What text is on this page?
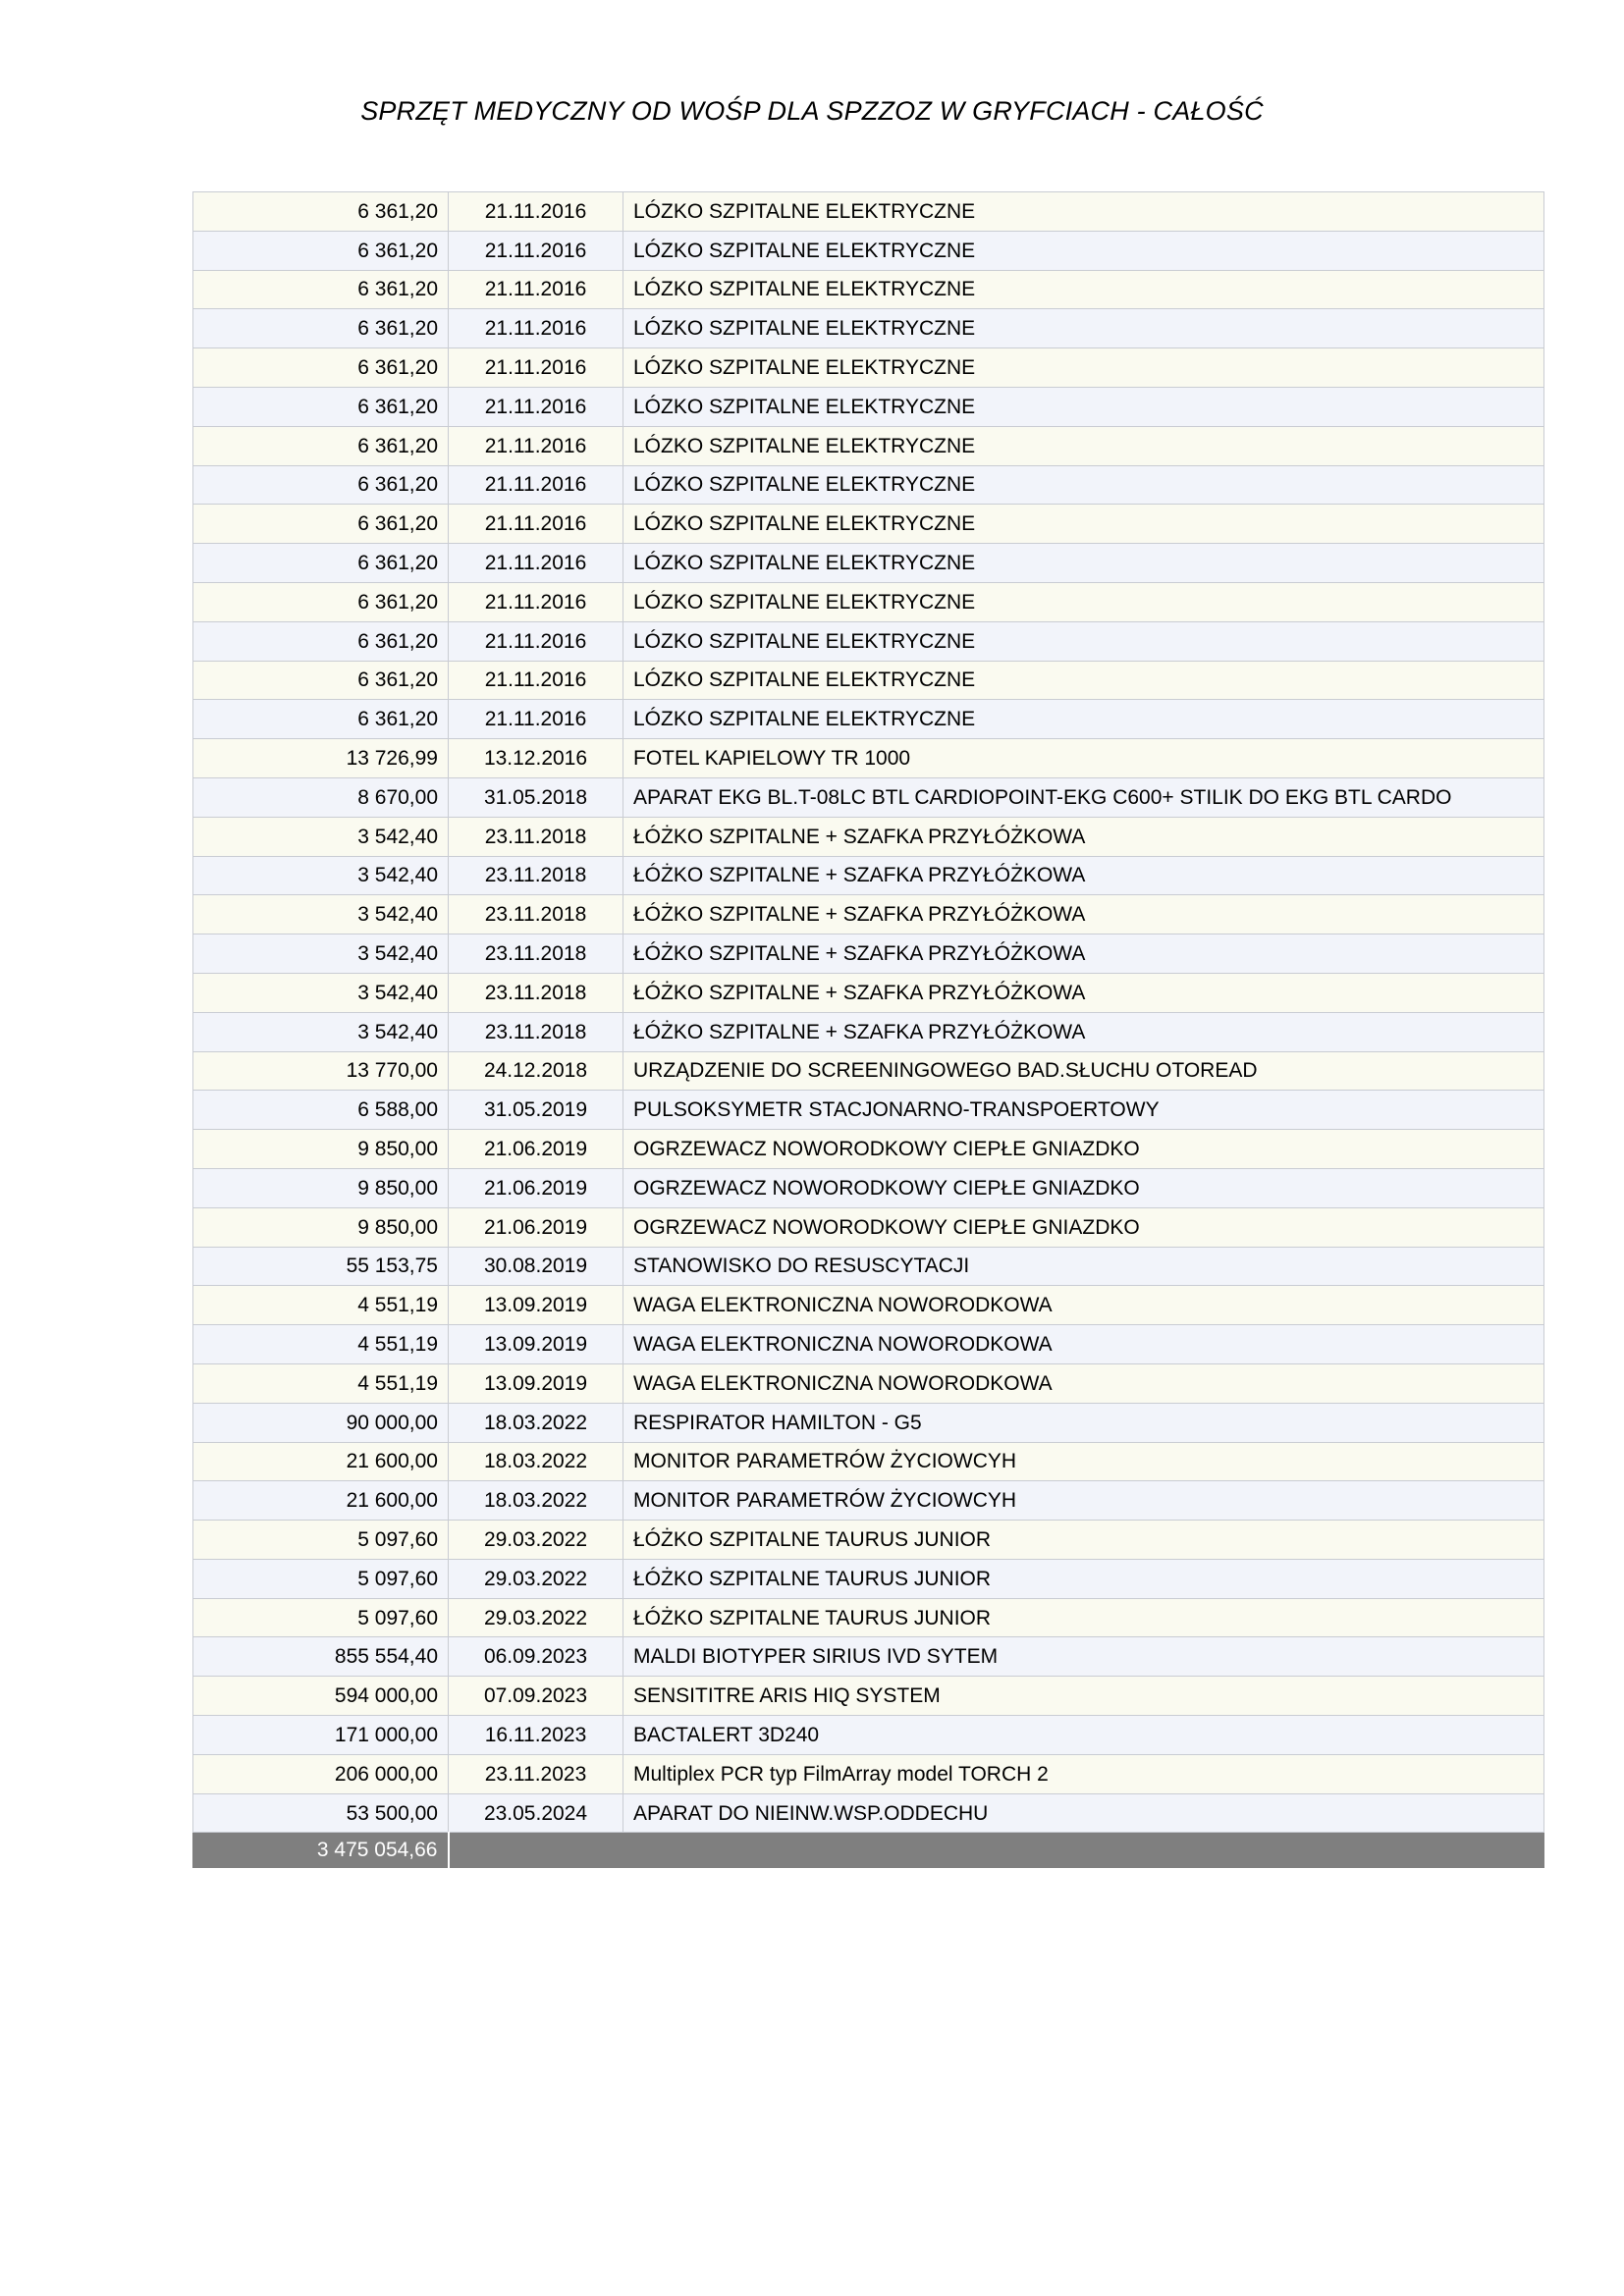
SPRZĘT MEDYCZNY OD WOŚP DLA SPZZOZ W GRYFCIACH - CAŁOŚĆ
6 361,20	21.11.2016	LÓZKO SZPITALNE ELEKTRYCZNE
6 361,20	21.11.2016	LÓZKO SZPITALNE ELEKTRYCZNE
6 361,20	21.11.2016	LÓZKO SZPITALNE ELEKTRYCZNE
6 361,20	21.11.2016	LÓZKO SZPITALNE ELEKTRYCZNE
6 361,20	21.11.2016	LÓZKO SZPITALNE ELEKTRYCZNE
6 361,20	21.11.2016	LÓZKO SZPITALNE ELEKTRYCZNE
6 361,20	21.11.2016	LÓZKO SZPITALNE ELEKTRYCZNE
6 361,20	21.11.2016	LÓZKO SZPITALNE ELEKTRYCZNE
6 361,20	21.11.2016	LÓZKO SZPITALNE ELEKTRYCZNE
6 361,20	21.11.2016	LÓZKO SZPITALNE ELEKTRYCZNE
6 361,20	21.11.2016	LÓZKO SZPITALNE ELEKTRYCZNE
6 361,20	21.11.2016	LÓZKO SZPITALNE ELEKTRYCZNE
6 361,20	21.11.2016	LÓZKO SZPITALNE ELEKTRYCZNE
6 361,20	21.11.2016	LÓZKO SZPITALNE ELEKTRYCZNE
13 726,99	13.12.2016	FOTEL KAPIELOWY TR 1000
8 670,00	31.05.2018	APARAT EKG BL.T-08LC BTL CARDIOPOINT-EKG C600+ STILIK DO EKG BTL CARDO
3 542,40	23.11.2018	ŁÓŻKO SZPITALNE + SZAFKA PRZYŁÓŻKOWA
3 542,40	23.11.2018	ŁÓŻKO SZPITALNE + SZAFKA PRZYŁÓŻKOWA
3 542,40	23.11.2018	ŁÓŻKO SZPITALNE + SZAFKA PRZYŁÓŻKOWA
3 542,40	23.11.2018	ŁÓŻKO SZPITALNE + SZAFKA PRZYŁÓŻKOWA
3 542,40	23.11.2018	ŁÓŻKO SZPITALNE + SZAFKA PRZYŁÓŻKOWA
3 542,40	23.11.2018	ŁÓŻKO SZPITALNE + SZAFKA PRZYŁÓŻKOWA
13 770,00	24.12.2018	URZĄDZENIE DO SCREENINGOWEGO BAD.SŁUCHU OTOREAD
6 588,00	31.05.2019	PULSOKSYMETR STACJONARNO-TRANSPOERTOWY
9 850,00	21.06.2019	OGRZEWACZ NOWORODKOWY CIEPŁE GNIAZDKO
9 850,00	21.06.2019	OGRZEWACZ NOWORODKOWY CIEPŁE GNIAZDKO
9 850,00	21.06.2019	OGRZEWACZ NOWORODKOWY CIEPŁE GNIAZDKO
55 153,75	30.08.2019	STANOWISKO DO RESUSCYTACJI
4 551,19	13.09.2019	WAGA ELEKTRONICZNA NOWORODKOWA
4 551,19	13.09.2019	WAGA ELEKTRONICZNA NOWORODKOWA
4 551,19	13.09.2019	WAGA ELEKTRONICZNA NOWORODKOWA
90 000,00	18.03.2022	RESPIRATOR HAMILTON - G5
21 600,00	18.03.2022	MONITOR PARAMETRÓW ŻYCIOWCYH
21 600,00	18.03.2022	MONITOR PARAMETRÓW ŻYCIOWCYH
5 097,60	29.03.2022	ŁÓŻKO SZPITALNE TAURUS JUNIOR
5 097,60	29.03.2022	ŁÓŻKO SZPITALNE TAURUS JUNIOR
5 097,60	29.03.2022	ŁÓŻKO SZPITALNE TAURUS JUNIOR
855 554,40	06.09.2023	MALDI BIOTYPER SIRIUS IVD SYTEM
594 000,00	07.09.2023	SENSITITRE ARIS HIQ SYSTEM
171 000,00	16.11.2023	BACTALERT 3D240
206 000,00	23.11.2023	Multiplex PCR typ FilmArray model TORCH 2
53 500,00	23.05.2024	APARAT DO NIEINW.WSP.ODDECHU
3 475 054,66		
